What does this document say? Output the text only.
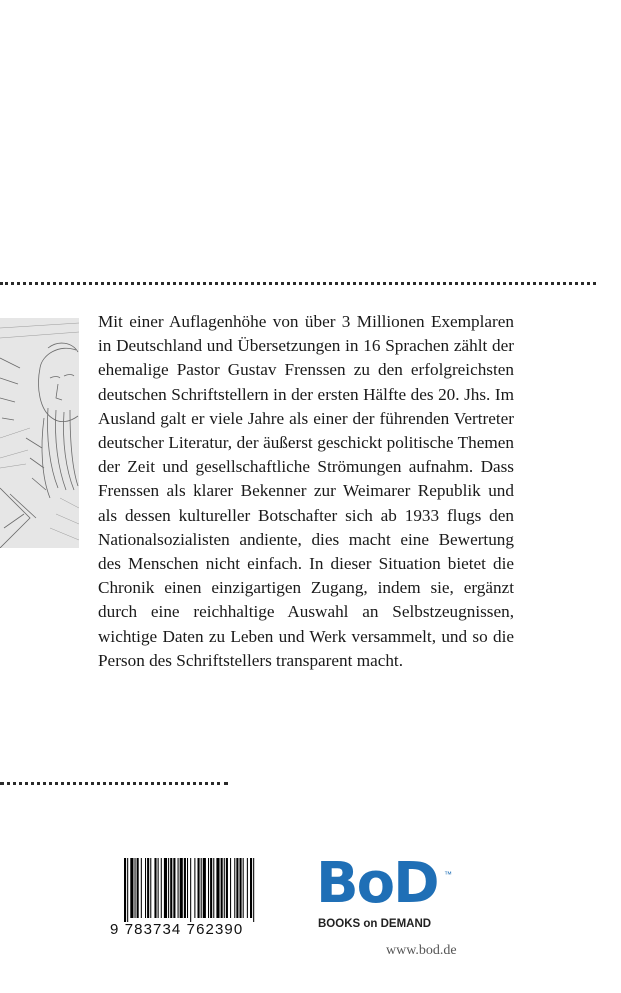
Mit einer Auflagenhöhe von über 3 Millionen Exemplaren in Deutschland und Übersetzungen in 16 Sprachen zählt der ehemalige Pastor Gustav Frenssen zu den erfolgreichsten deutschen Schriftstellern in der ersten Hälfte des 20. Jhs. Im Ausland galt er viele Jahre als einer der führenden Vertreter deutscher Literatur, der äußerst geschickt politische Themen der Zeit und gesellschaftliche Strömungen aufnahm. Dass Frenssen als klarer Bekenner zur Weimarer Republik und als dessen kultureller Botschafter sich ab 1933 flugs den Nationalsozialisten andiente, dies macht eine Bewertung des Menschen nicht einfach. In dieser Situation bietet die Chronik einen einzigartigen Zugang, indem sie, ergänzt durch eine reichhaltige Auswahl an Selbstzeugnissen, wichtige Daten zu Leben und Werk versammelt, und so die Person des Schriftstellers transparent macht.

9 783734 762390
BoD ™
BOOKS on DEMAND
www.bod.de
